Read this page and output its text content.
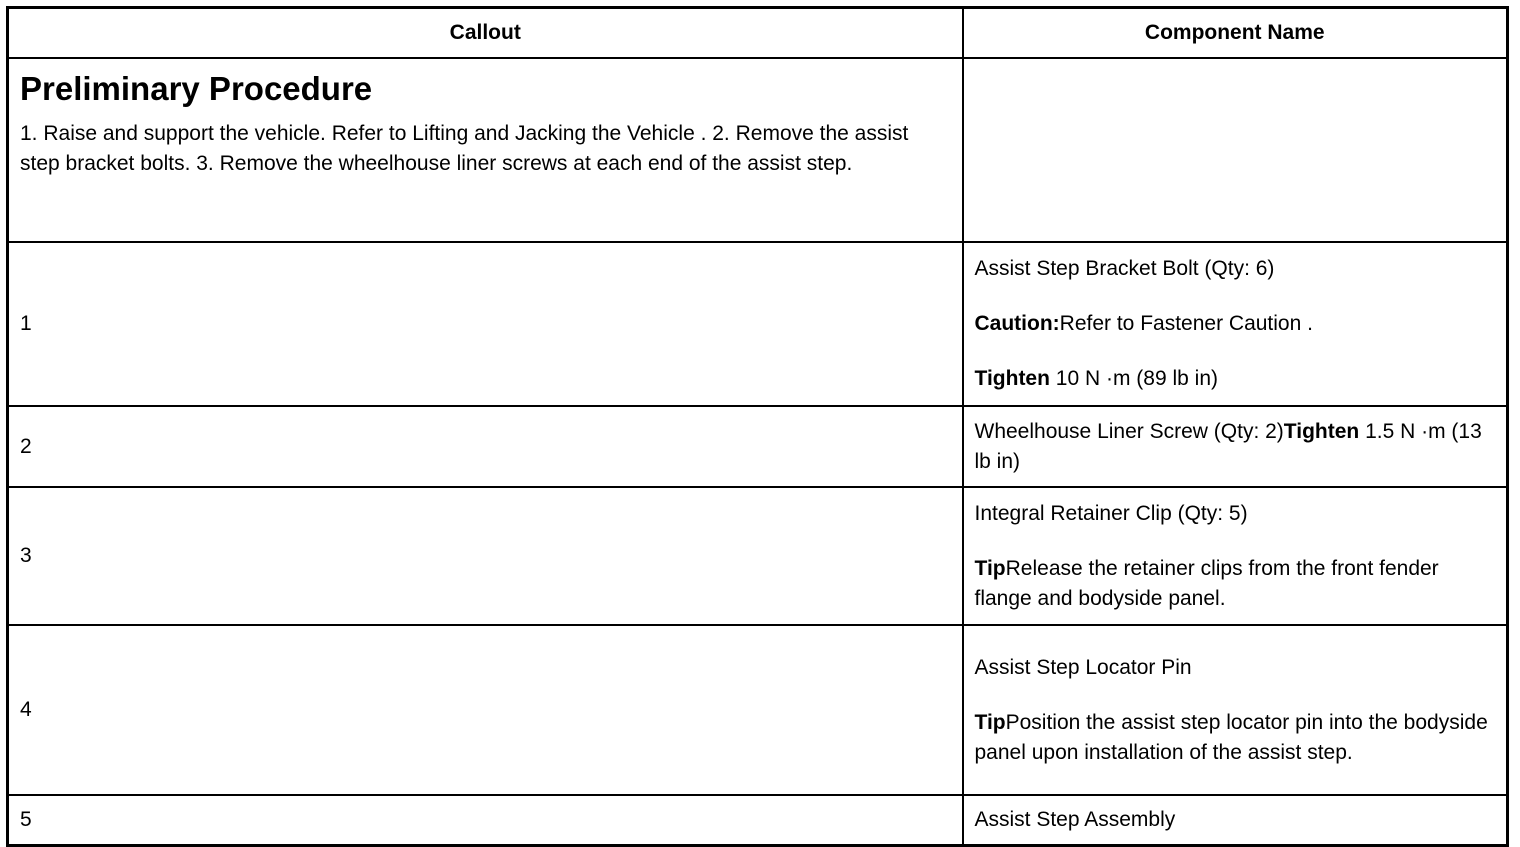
Callout	Component Name

Preliminary Procedure

1. Raise and support the vehicle. Refer to Lifting and Jacking the Vehicle . 2. Remove the assist step bracket bolts. 3. Remove the wheelhouse liner screws at each end of the assist step.	

1	Assist Step Bracket Bolt (Qty: 6)

Caution:Refer to Fastener Caution .

Tighten 10 N ·m (89 lb in)

2	Wheelhouse Liner Screw (Qty: 2)Tighten 1.5 N ·m (13 lb in)

3	Integral Retainer Clip (Qty: 5)

TipRelease the retainer clips from the front fender flange and bodyside panel.

4	Assist Step Locator Pin

TipPosition the assist step locator pin into the bodyside panel upon installation of the assist step.

5	Assist Step Assembly
